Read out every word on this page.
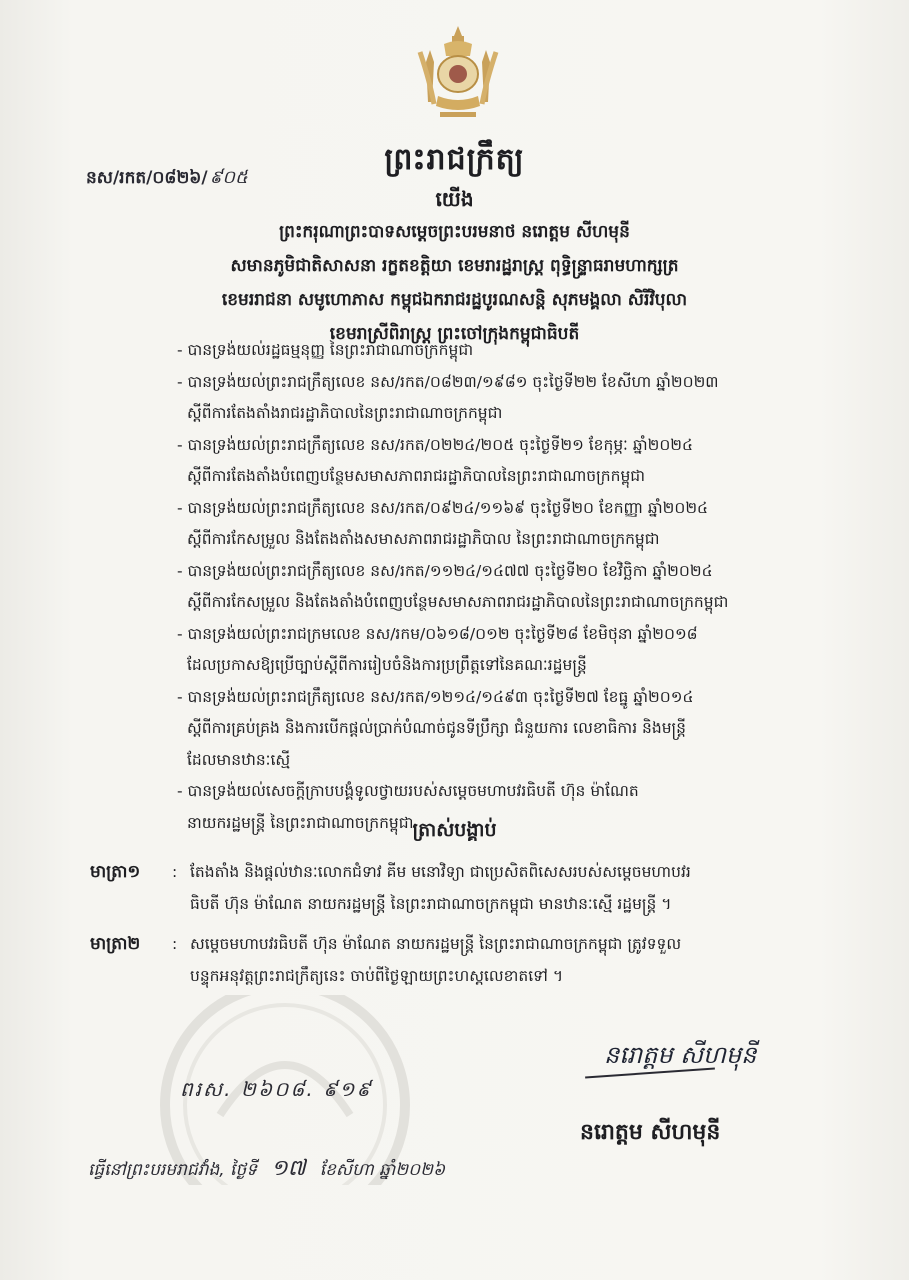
ព្រះរាជក្រឹត្យ
នស/រកត/០៨២៦/ ៩០៥
យើង
ព្រះករុណាព្រះបាទសម្ដេចព្រះបរមនាថ នរោត្តម សីហមុនី
សមានភូមិជាតិសាសនា រក្ខតខត្តិយា ខេមរារដ្ឋរាស្ត្រ ពុទ្ធិន្ទ្រាធរាមហាក្សត្រ
ខេមររាជនា សមូហោភាស កម្ពុជឯករាជរដ្ឋបូរណសន្តិ សុភមង្គលា សិរីវិបុលា
ខេមរាស្រីពិរាស្ត្រ ព្រះចៅក្រុងកម្ពុជាធិបតី
- បានទ្រង់យល់រដ្ឋធម្មនុញ្ញ នៃព្រះរាជាណាចក្រកម្ពុជា
- បានទ្រង់យល់ព្រះរាជក្រឹត្យលេខ នស/រកត/០៨២៣/១៩៨១ ចុះថ្ងៃទី២២ ខែសីហា ឆ្នាំ២០២៣
ស្តីពីការតែងតាំងរាជរដ្ឋាភិបាលនៃព្រះរាជាណាចក្រកម្ពុជា
- បានទ្រង់យល់ព្រះរាជក្រឹត្យលេខ នស/រកត/០២២៤/២០៥ ចុះថ្ងៃទី២១ ខែកុម្ភៈ ឆ្នាំ២០២៤
ស្តីពីការតែងតាំងបំពេញបន្ថែមសមាសភាពរាជរដ្ឋាភិបាលនៃព្រះរាជាណាចក្រកម្ពុជា
- បានទ្រង់យល់ព្រះរាជក្រឹត្យលេខ នស/រកត/០៩២៤/១១៦៩ ចុះថ្ងៃទី២០ ខែកញ្ញា ឆ្នាំ២០២៤
ស្តីពីការកែសម្រួល និងតែងតាំងសមាសភាពរាជរដ្ឋាភិបាល នៃព្រះរាជាណាចក្រកម្ពុជា
- បានទ្រង់យល់ព្រះរាជក្រឹត្យលេខ នស/រកត/១១២៤/១៤៧៧ ចុះថ្ងៃទី២០ ខែវិច្ឆិកា ឆ្នាំ២០២៤
ស្តីពីការកែសម្រួល និងតែងតាំងបំពេញបន្ថែមសមាសភាពរាជរដ្ឋាភិបាលនៃព្រះរាជាណាចក្រកម្ពុជា
- បានទ្រង់យល់ព្រះរាជក្រមលេខ នស/រកម/០៦១៨/០១២ ចុះថ្ងៃទី២៨ ខែមិថុនា ឆ្នាំ២០១៨
ដែលប្រកាសឱ្យប្រើច្បាប់ស្តីពីការរៀបចំនិងការប្រព្រឹត្តទៅនៃគណៈរដ្ឋមន្ត្រី
- បានទ្រង់យល់ព្រះរាជក្រឹត្យលេខ នស/រកត/១២១៤/១៤៩៣ ចុះថ្ងៃទី២៧ ខែធ្នូ ឆ្នាំ២០១៤
ស្តីពីការគ្រប់គ្រង និងការបើកផ្តល់ប្រាក់បំណាច់ជូនទីប្រឹក្សា ជំនួយការ លេខាធិការ និងមន្ត្រី
ដែលមានឋានៈស្មើ
- បានទ្រង់យល់សេចក្តីក្រាបបង្គំទូលថ្វាយរបស់សម្តេចមហាបវរធិបតី ហ៊ុន ម៉ាណែត
នាយករដ្ឋមន្ត្រី នៃព្រះរាជាណាចក្រកម្ពុជា
ត្រាស់បង្គាប់
មាត្រា១ : តែងតាំង និងផ្តល់ឋានៈលោកជំទាវ គីម មនោវិទ្យា ជាប្រេសិតពិសេសរបស់សម្តេចមហាបវរ
ធិបតី ហ៊ុន ម៉ាណែត នាយករដ្ឋមន្ត្រី នៃព្រះរាជាណាចក្រកម្ពុជា មានឋានៈស្មើ រដ្ឋមន្ត្រី ។
មាត្រា២ : សម្តេចមហាបវរធិបតី ហ៊ុន ម៉ាណែត នាយករដ្ឋមន្ត្រី នៃព្រះរាជាណាចក្រកម្ពុជា ត្រូវទទួល
បន្ទុកអនុវត្តព្រះរាជក្រឹត្យនេះ ចាប់ពីថ្ងៃឡាយព្រះហស្តលេខាតទៅ ។
ពរស. ២៦០៨. ៩១៩
នរោត្តម សីហមុនី
នរោត្តម សីហមុនី
ធ្វើនៅព្រះបរមរាជវាំង, ថ្ងៃទី ១៧ ខែសីហា ឆ្នាំ២០២៦
